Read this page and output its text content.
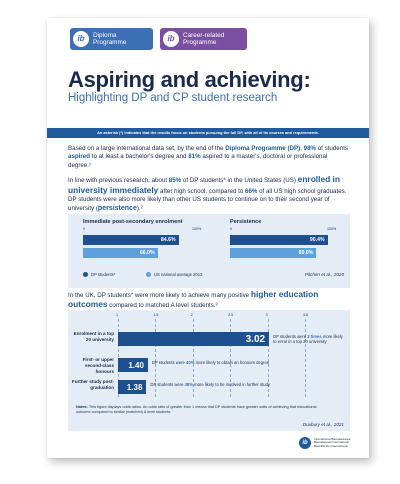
ib	Diploma
Programme	ib	Career-related
Programme
Aspiring and achieving:
Highlighting DP and CP student research
An asterisk (*) indicates that the results focus on students pursuing the full DP, with all of its courses and requirements.
Based on a large international data set, by the end of the Diploma Programme (DP), 98% of students aspired to at least a bachelor's degree and 81% aspired to a master's, doctoral or professional degree.¹
In line with previous research, about 85% of DP students* in the United States (US) enrolled in university immediately after high school, compared to 66% of all US high school graduates. DP students were also more likely than other US students to continue on to their second year of university (persistence).²
Immediate post-secondary enrolment	Persistence
0	100%	0	100%
84.6%
66.0%
90.4%
80.0%
DP students*	US national average 2013	Pilchen et al., 2020
In the UK, DP students* were more likely to achieve many positive higher education outcomes compared to matched A level students.³
1	1.5	2	2.5	3	3.5
Enrolment in a top 20 university	3.02	DP students were 3 times more likely to enrol in a top 20 university
First- or upper second-class honours
1.40	DP students were 40% more likely to obtain an honours degree
Further study post-graduation	1.38	DP students were 38% more likely to be involved in further study
Notes: This figure displays odds ratios. An odds ratio of greater than 1 means that DP students have greater odds of achieving that educational outcome compared to similar (matched) A level students.
Duxbury et al., 2021
ib
International Baccalaureate
Baccalauréat International
Bachillerato Internacional
